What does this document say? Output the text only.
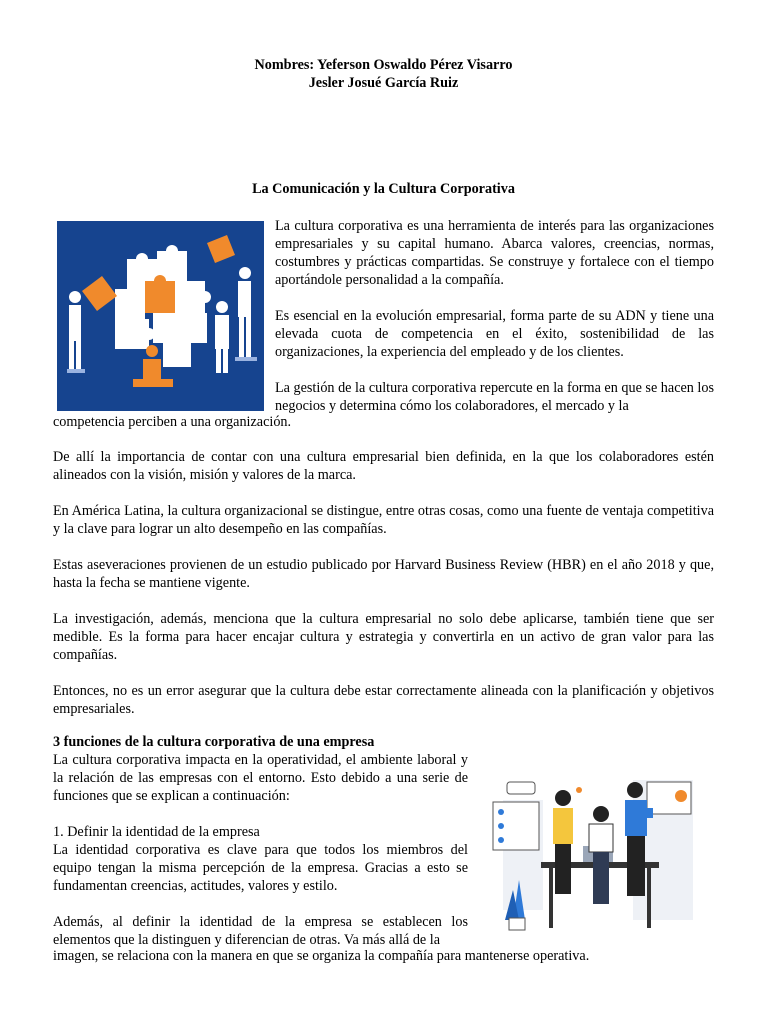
Nombres: Yeferson Oswaldo Pérez Visarro
Jesler Josué García Ruiz
La Comunicación y la Cultura Corporativa

La cultura corporativa es una herramienta de interés para las organizaciones empresariales y su capital humano. Abarca valores, creencias, normas, costumbres y prácticas compartidas. Se construye y fortalece con el tiempo aportándole personalidad a la compañía.

Es esencial en la evolución empresarial, forma parte de su ADN y tiene una elevada cuota de competencia en el éxito, sostenibilidad de las organizaciones, la experiencia del empleado y de los clientes.

La gestión de la cultura corporativa repercute en la forma en que se hacen los negocios y determina cómo los colaboradores, el mercado y la

competencia perciben a una organización.

De allí la importancia de contar con una cultura empresarial bien definida, en la que los colaboradores estén alineados con la visión, misión y valores de la marca.

En América Latina, la cultura organizacional se distingue, entre otras cosas, como una fuente de ventaja competitiva y la clave para lograr un alto desempeño en las compañías.

Estas aseveraciones provienen de un estudio publicado por Harvard Business Review (HBR) en el año 2018 y que, hasta la fecha se mantiene vigente.

La investigación, además, menciona que la cultura empresarial no solo debe aplicarse, también tiene que ser medible. Es la forma para hacer encajar cultura y estrategia y convertirla en un activo de gran valor para las compañías.

Entonces, no es un error asegurar que la cultura debe estar correctamente alineada con la planificación y objetivos empresariales.

3 funciones de la cultura corporativa de una empresa

La cultura corporativa impacta en la operatividad, el ambiente laboral y la relación de las empresas con el entorno. Esto debido a una serie de funciones que se explican a continuación:

1. Definir la identidad de la empresa

La identidad corporativa es clave para que todos los miembros del equipo tengan la misma percepción de la empresa. Gracias a esto se fundamentan creencias, actitudes, valores y estilo.

Además, al definir la identidad de la empresa se establecen los elementos que la distinguen y diferencian de otras. Va más allá de la

imagen, se relaciona con la manera en que se organiza la compañía para mantenerse operativa.
